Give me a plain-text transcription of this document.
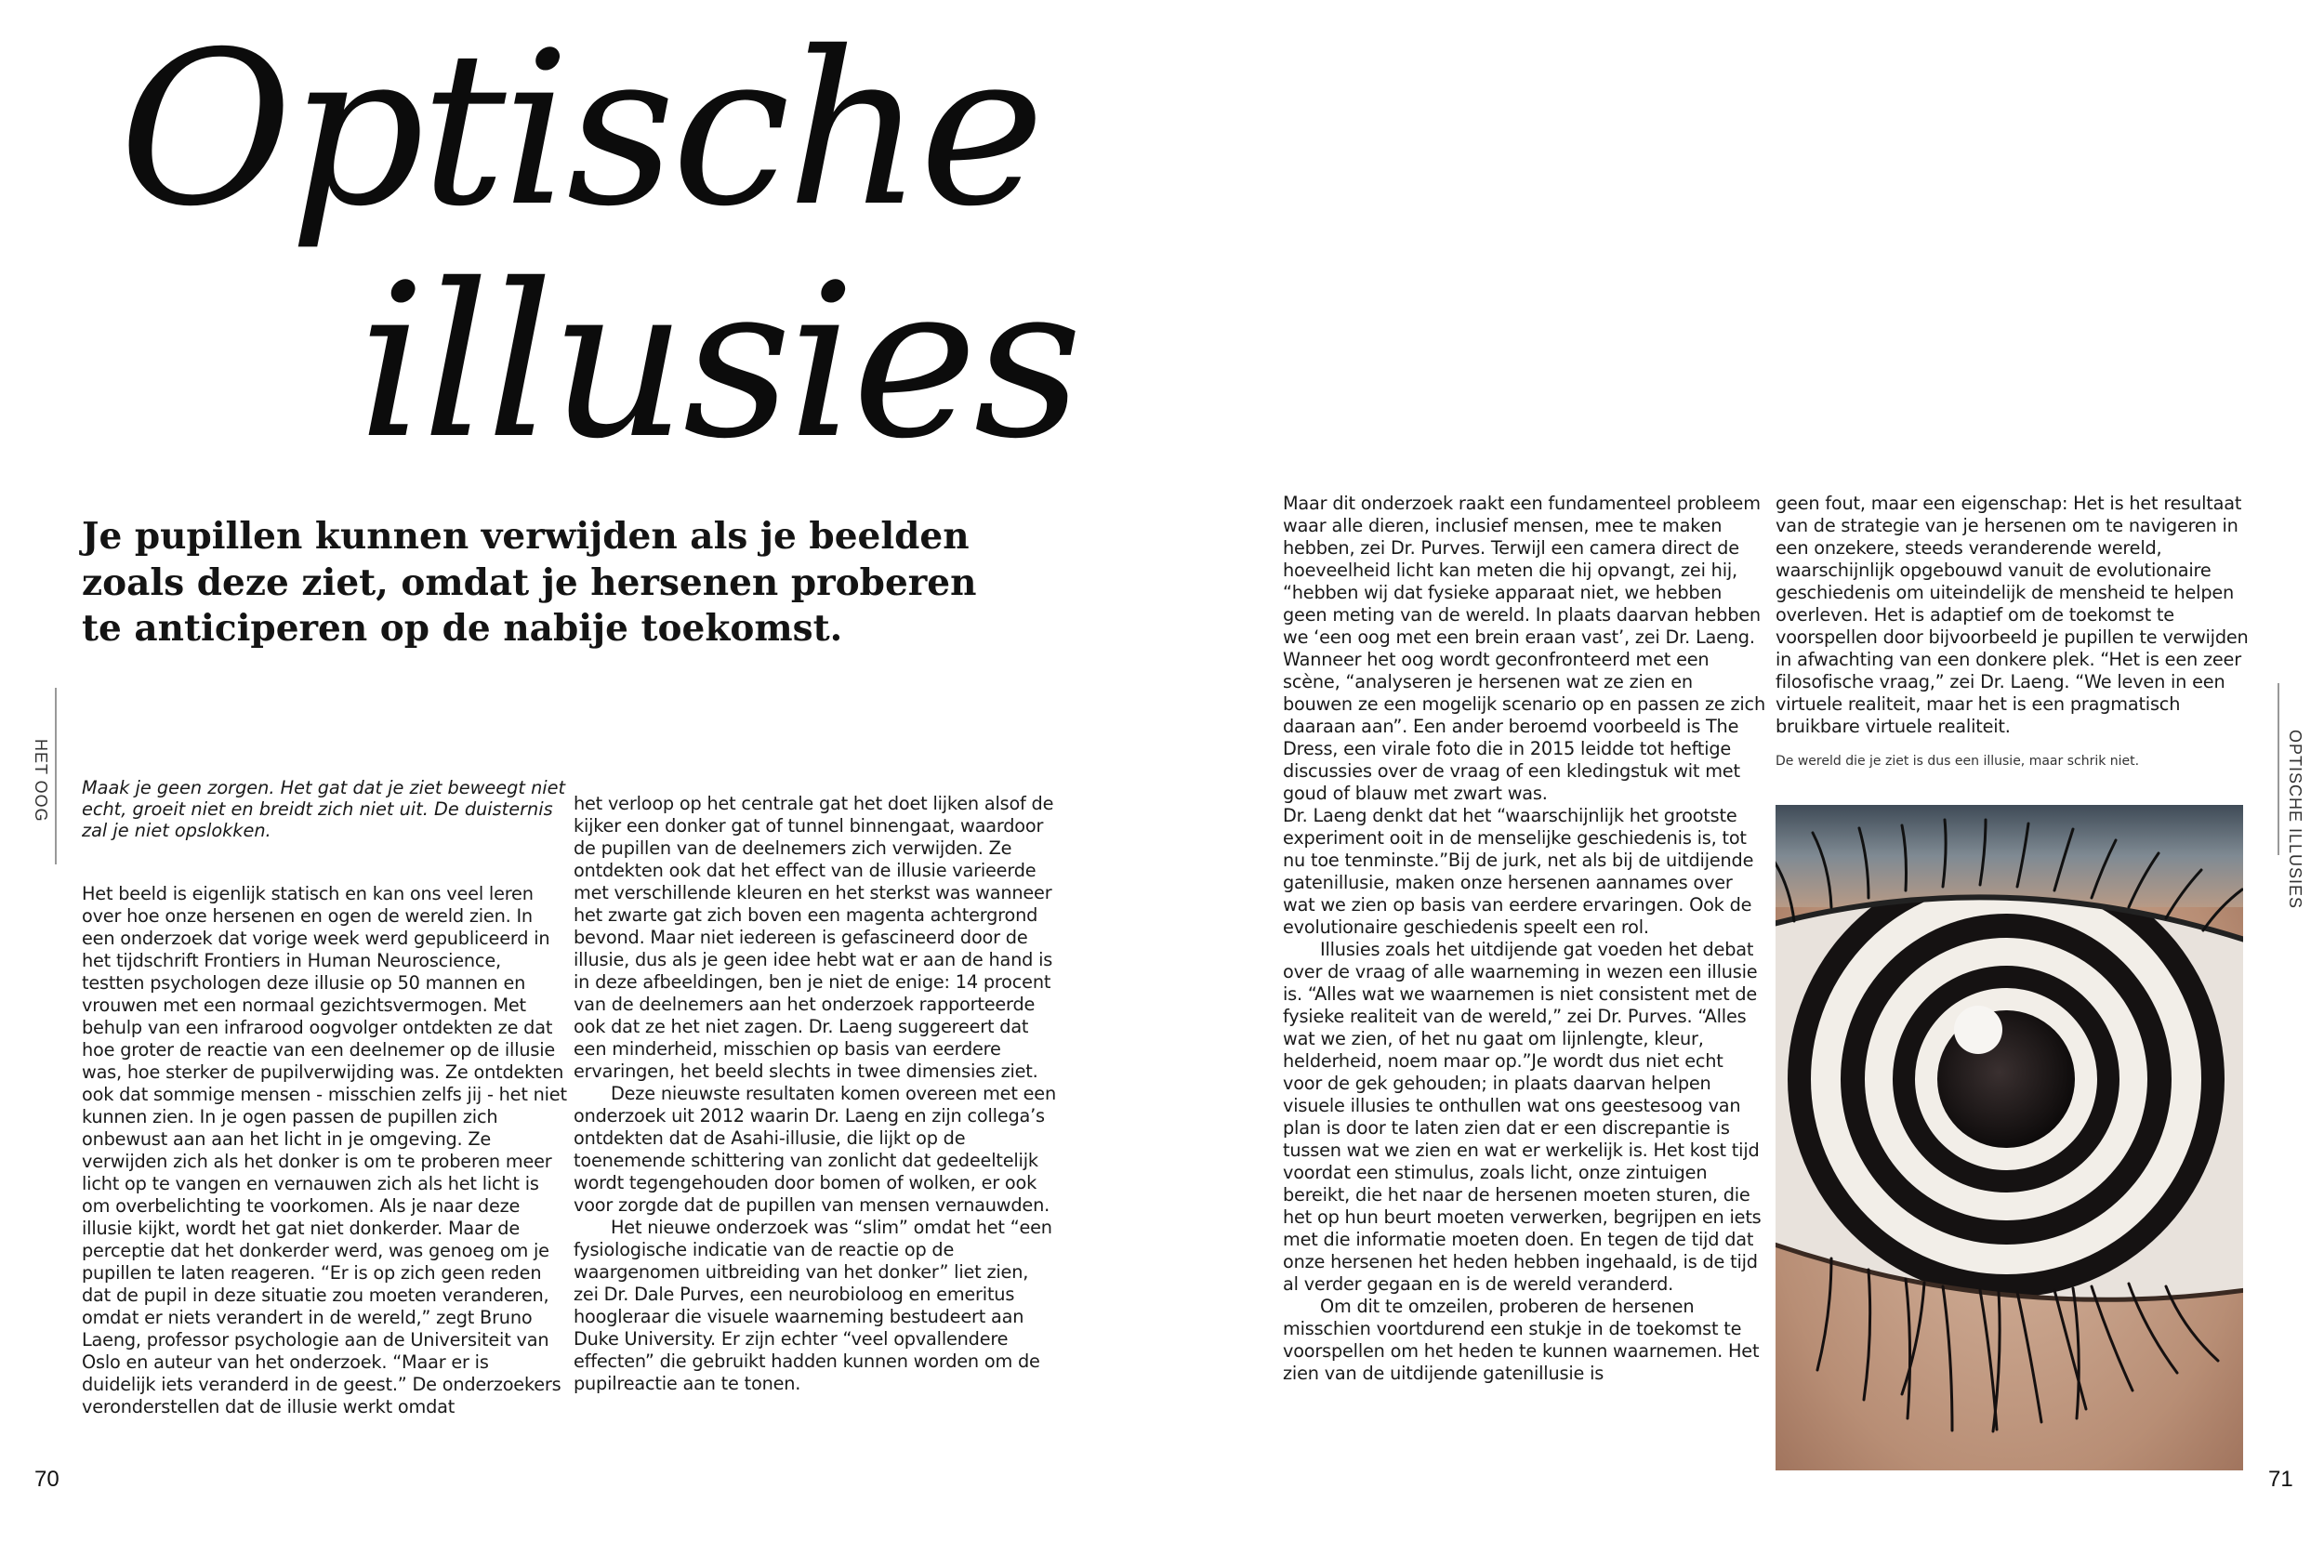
Optische
illusies
Je pupillen kunnen verwijden als je beelden
zoals deze ziet, omdat je hersenen proberen
te anticiperen op de nabije toekomst.
HET OOG Maak je geen zorgen. Het gat dat je ziet beweegt niet echt, groeit niet en breidt zich niet uit. De duisternis zal je niet opslokken.

Het beeld is eigenlijk statisch en kan ons veel leren over hoe onze hersenen en ogen de wereld zien. In een onderzoek dat vorige week werd gepubliceerd in het tijdschrift Frontiers in Human Neuroscience, testten psychologen deze illusie op 50 mannen en vrouwen met een normaal gezichtsvermogen. Met behulp van een infrarood oogvolger ontdekten ze dat hoe groter de reactie van een deelnemer op de illusie was, hoe sterker de pupilverwijding was. Ze ontdekten ook dat sommige mensen - misschien zelfs jij - het niet kunnen zien. In je ogen passen de pupillen zich onbewust aan aan het licht in je omgeving. Ze verwijden zich als het donker is om te proberen meer licht op te vangen en vernauwen zich als het licht is om overbelichting te voorkomen. Als je naar deze illusie kijkt, wordt het gat niet donkerder. Maar de perceptie dat het donkerder werd, was genoeg om je pupillen te laten reageren. “Er is op zich geen reden dat de pupil in deze situatie zou moeten veranderen, omdat er niets verandert in de wereld,” zegt Bruno Laeng, professor psychologie aan de Universiteit van Oslo en auteur van het onderzoek. “Maar er is duidelijk iets veranderd in de geest.” De onderzoekers veronderstellen dat de illusie werkt omdat

het verloop op het centrale gat het doet lijken alsof de kijker een donker gat of tunnel binnengaat, waardoor de pupillen van de deelnemers zich verwijden. Ze ontdekten ook dat het effect van de illusie varieerde met verschillende kleuren en het sterkst was wanneer het zwarte gat zich boven een magenta achtergrond bevond. Maar niet iedereen is gefascineerd door de illusie, dus als je geen idee hebt wat er aan de hand is in deze afbeeldingen, ben je niet de enige: 14 procent van de deelnemers aan het onderzoek rapporteerde ook dat ze het niet zagen. Dr. Laeng suggereert dat een minderheid, misschien op basis van eerdere ervaringen, het beeld slechts in twee dimensies ziet.

Deze nieuwste resultaten komen overeen met een onderzoek uit 2012 waarin Dr. Laeng en zijn collega’s ontdekten dat de Asahi-illusie, die lijkt op de toenemende schittering van zonlicht dat gedeeltelijk wordt tegengehouden door bomen of wolken, er ook voor zorgde dat de pupillen van mensen vernauwden.

Het nieuwe onderzoek was “slim” omdat het “een fysiologische indicatie van de reactie op de waargenomen uitbreiding van het donker” liet zien, zei Dr. Dale Purves, een neurobioloog en emeritus hoogleraar die visuele waarneming bestudeert aan Duke University. Er zijn echter “veel opvallendere effecten” die gebruikt hadden kunnen worden om de pupilreactie aan te tonen.

Maar dit onderzoek raakt een fundamenteel probleem waar alle dieren, inclusief mensen, mee te maken hebben, zei Dr. Purves. Terwijl een camera direct de hoeveelheid licht kan meten die hij opvangt, zei hij, “hebben wij dat fysieke apparaat niet, we hebben geen meting van de wereld. In plaats daarvan hebben we ‘een oog met een brein eraan vast’, zei Dr. Laeng. Wanneer het oog wordt geconfronteerd met een scène, “analyseren je hersenen wat ze zien en bouwen ze een mogelijk scenario op en passen ze zich daaraan aan”. Een ander beroemd voorbeeld is The Dress, een virale foto die in 2015 leidde tot heftige discussies over de vraag of een kledingstuk wit met goud of blauw met zwart was.

Dr. Laeng denkt dat het “waarschijnlijk het grootste experiment ooit in de menselijke geschiedenis is, tot nu toe tenminste.”Bij de jurk, net als bij de uitdijende gatenillusie, maken onze hersenen aannames over wat we zien op basis van eerdere ervaringen. Ook de evolutionaire geschiedenis speelt een rol.

Illusies zoals het uitdijende gat voeden het debat over de vraag of alle waarneming in wezen een illusie is. “Alles wat we waarnemen is niet consistent met de fysieke realiteit van de wereld,” zei Dr. Purves. “Alles wat we zien, of het nu gaat om lijnlengte, kleur, helderheid, noem maar op.”Je wordt dus niet echt voor de gek gehouden; in plaats daarvan helpen visuele illusies te onthullen wat ons geestesoog van plan is door te laten zien dat er een discrepantie is tussen wat we zien en wat er werkelijk is. Het kost tijd voordat een stimulus, zoals licht, onze zintuigen bereikt, die het naar de hersenen moeten sturen, die het op hun beurt moeten verwerken, begrijpen en iets met die informatie moeten doen. En tegen de tijd dat onze hersenen het heden hebben ingehaald, is de tijd al verder gegaan en is de wereld veranderd.

Om dit te omzeilen, proberen de hersenen misschien voortdurend een stukje in de toekomst te voorspellen om het heden te kunnen waarnemen. Het zien van de uitdijende gatenillusie is

geen fout, maar een eigenschap: Het is het resultaat van de strategie van je hersenen om te navigeren in een onzekere, steeds veranderende wereld, waarschijnlijk opgebouwd vanuit de evolutionaire geschiedenis om uiteindelijk de mensheid te helpen overleven. Het is adaptief om de toekomst te voorspellen door bijvoorbeeld je pupillen te verwijden in afwachting van een donkere plek. “Het is een zeer filosofische vraag,” zei Dr. Laeng. “We leven in een virtuele realiteit, maar het is een pragmatisch bruikbare virtuele realiteit.

De wereld die je ziet is dus een illusie, maar schrik niet.	OPTISCHE ILLUSIES
70	71
